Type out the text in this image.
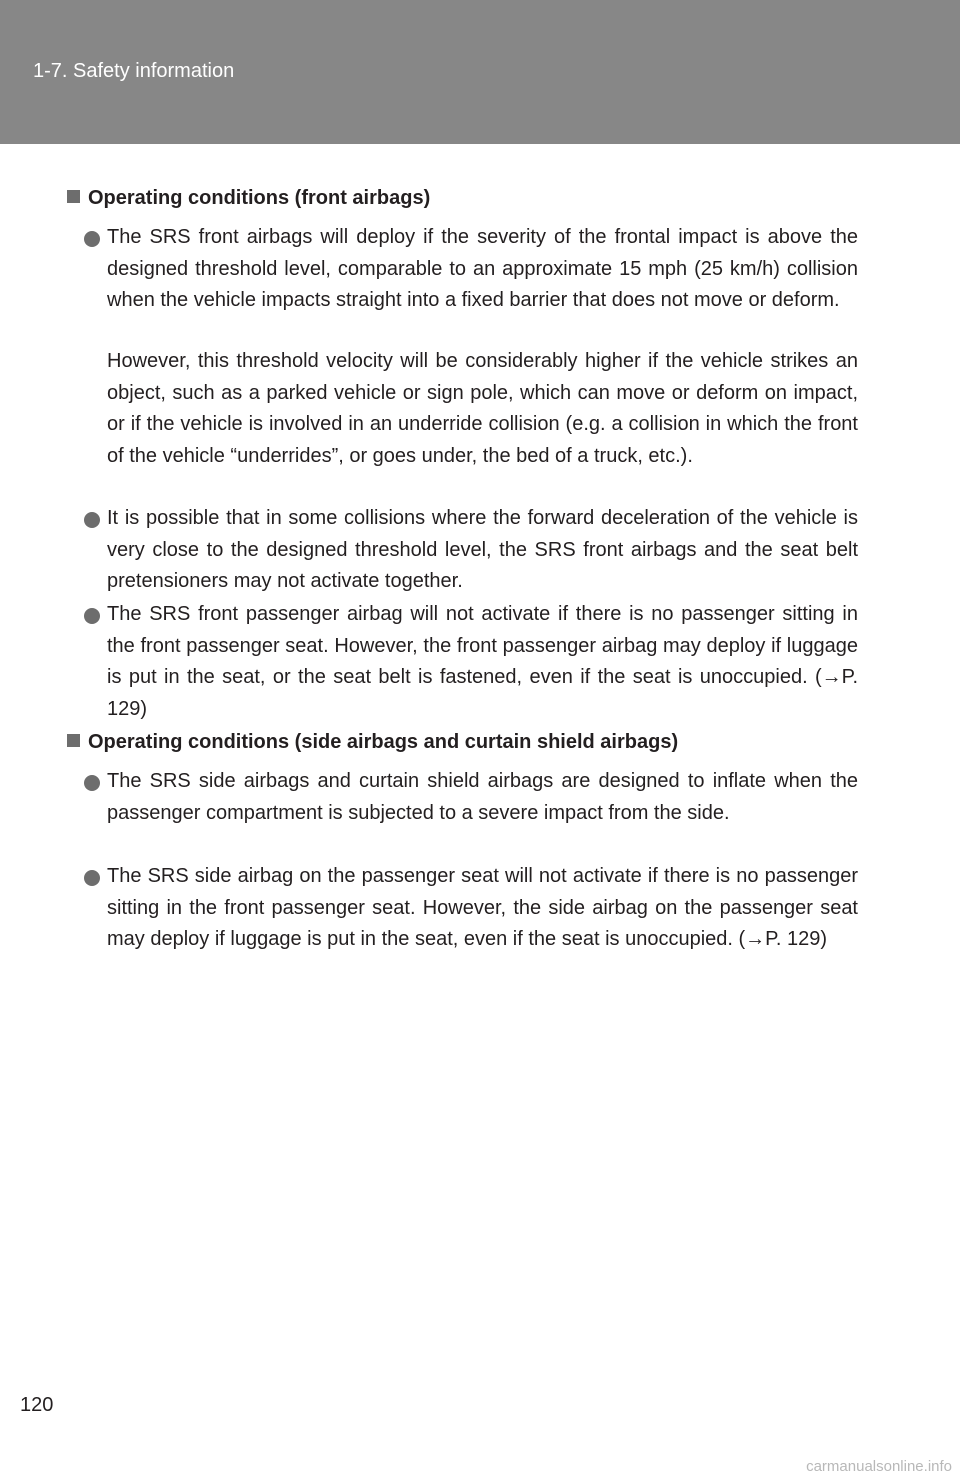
1-7. Safety information
Operating conditions (front airbags)
The SRS front airbags will deploy if the severity of the frontal impact is above the designed threshold level, comparable to an approximate 15 mph (25 km/h) collision when the vehicle impacts straight into a fixed barrier that does not move or deform.
However, this threshold velocity will be considerably higher if the vehicle strikes an object, such as a parked vehicle or sign pole, which can move or deform on impact, or if the vehicle is involved in an underride collision (e.g. a collision in which the front of the vehicle “underrides”, or goes under, the bed of a truck, etc.).
It is possible that in some collisions where the forward deceleration of the vehicle is very close to the designed threshold level, the SRS front airbags and the seat belt pretensioners may not activate together.
The SRS front passenger airbag will not activate if there is no passenger sitting in the front passenger seat. However, the front passenger airbag may deploy if luggage is put in the seat, or the seat belt is fastened, even if the seat is unoccupied. (→P. 129)
Operating conditions (side airbags and curtain shield airbags)
The SRS side airbags and curtain shield airbags are designed to inflate when the passenger compartment is subjected to a severe impact from the side.
The SRS side airbag on the passenger seat will not activate if there is no passenger sitting in the front passenger seat. However, the side airbag on the passenger seat may deploy if luggage is put in the seat, even if the seat is unoccupied. (→P. 129)
120
carmanualsonline.info
